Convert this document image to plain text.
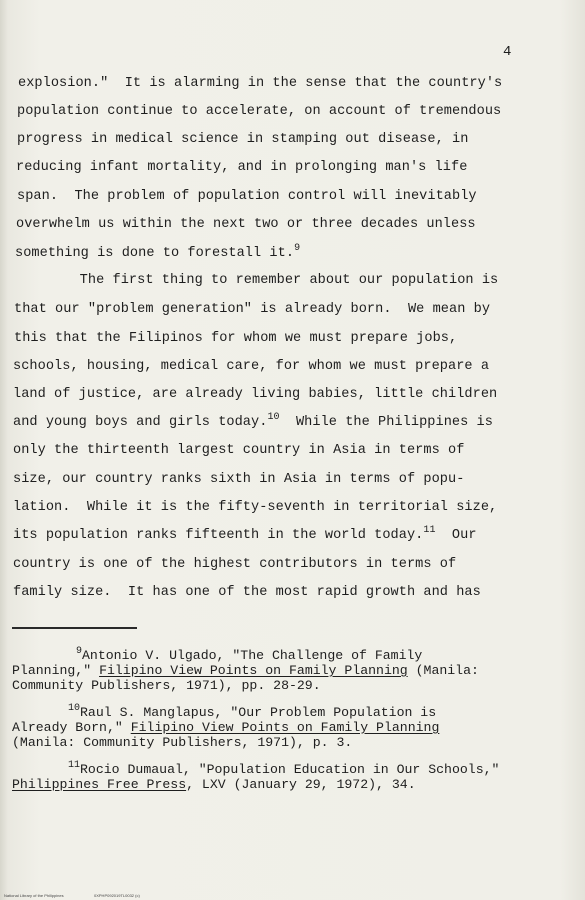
4
explosion."  It is alarming in the sense that the country's
population continue to accelerate, on account of tremendous
progress in medical science in stamping out disease, in
reducing infant mortality, and in prolonging man's life
span.  The problem of population control will inevitably
overwhelm us within the next two or three decades unless
something is done to forestall it.$^9$
The first thing to remember about our population is
that our "problem generation" is already born.  We mean by
this that the Filipinos for whom we must prepare jobs,
schools, housing, medical care, for whom we must prepare a
land of justice, are already living babies, little children
and young boys and girls today.$^{10}$ While the Philippines is
only the thirteenth largest country in Asia in terms of
size, our country ranks sixth in Asia in terms of popu-
lation.  While it is the fifty-seventh in territorial size,
its population ranks fifteenth in the world today.$^{11}$ Our
country is one of the highest contributors in terms of
family size.  It has one of the most rapid growth and has
$^9$Antonio V. Ulgado, "The Challenge of Family
Planning," Filipino View Points on Family Planning (Manila:
Community Publishers, 1971), pp. 28-29.
$^{10}$Raul S. Manglapus, "Our Problem Population is
Already Born," Filipino View Points on Family Planning
(Manila: Community Publishers, 1971), p. 3.
$^{11}$Rocio Dumaual, "Population Education in Our Schools,"
Philippines Free Press, LXV (January 29, 1972), 34.
National Library of the Philippines	0XPHP092019TL0032 (c)
